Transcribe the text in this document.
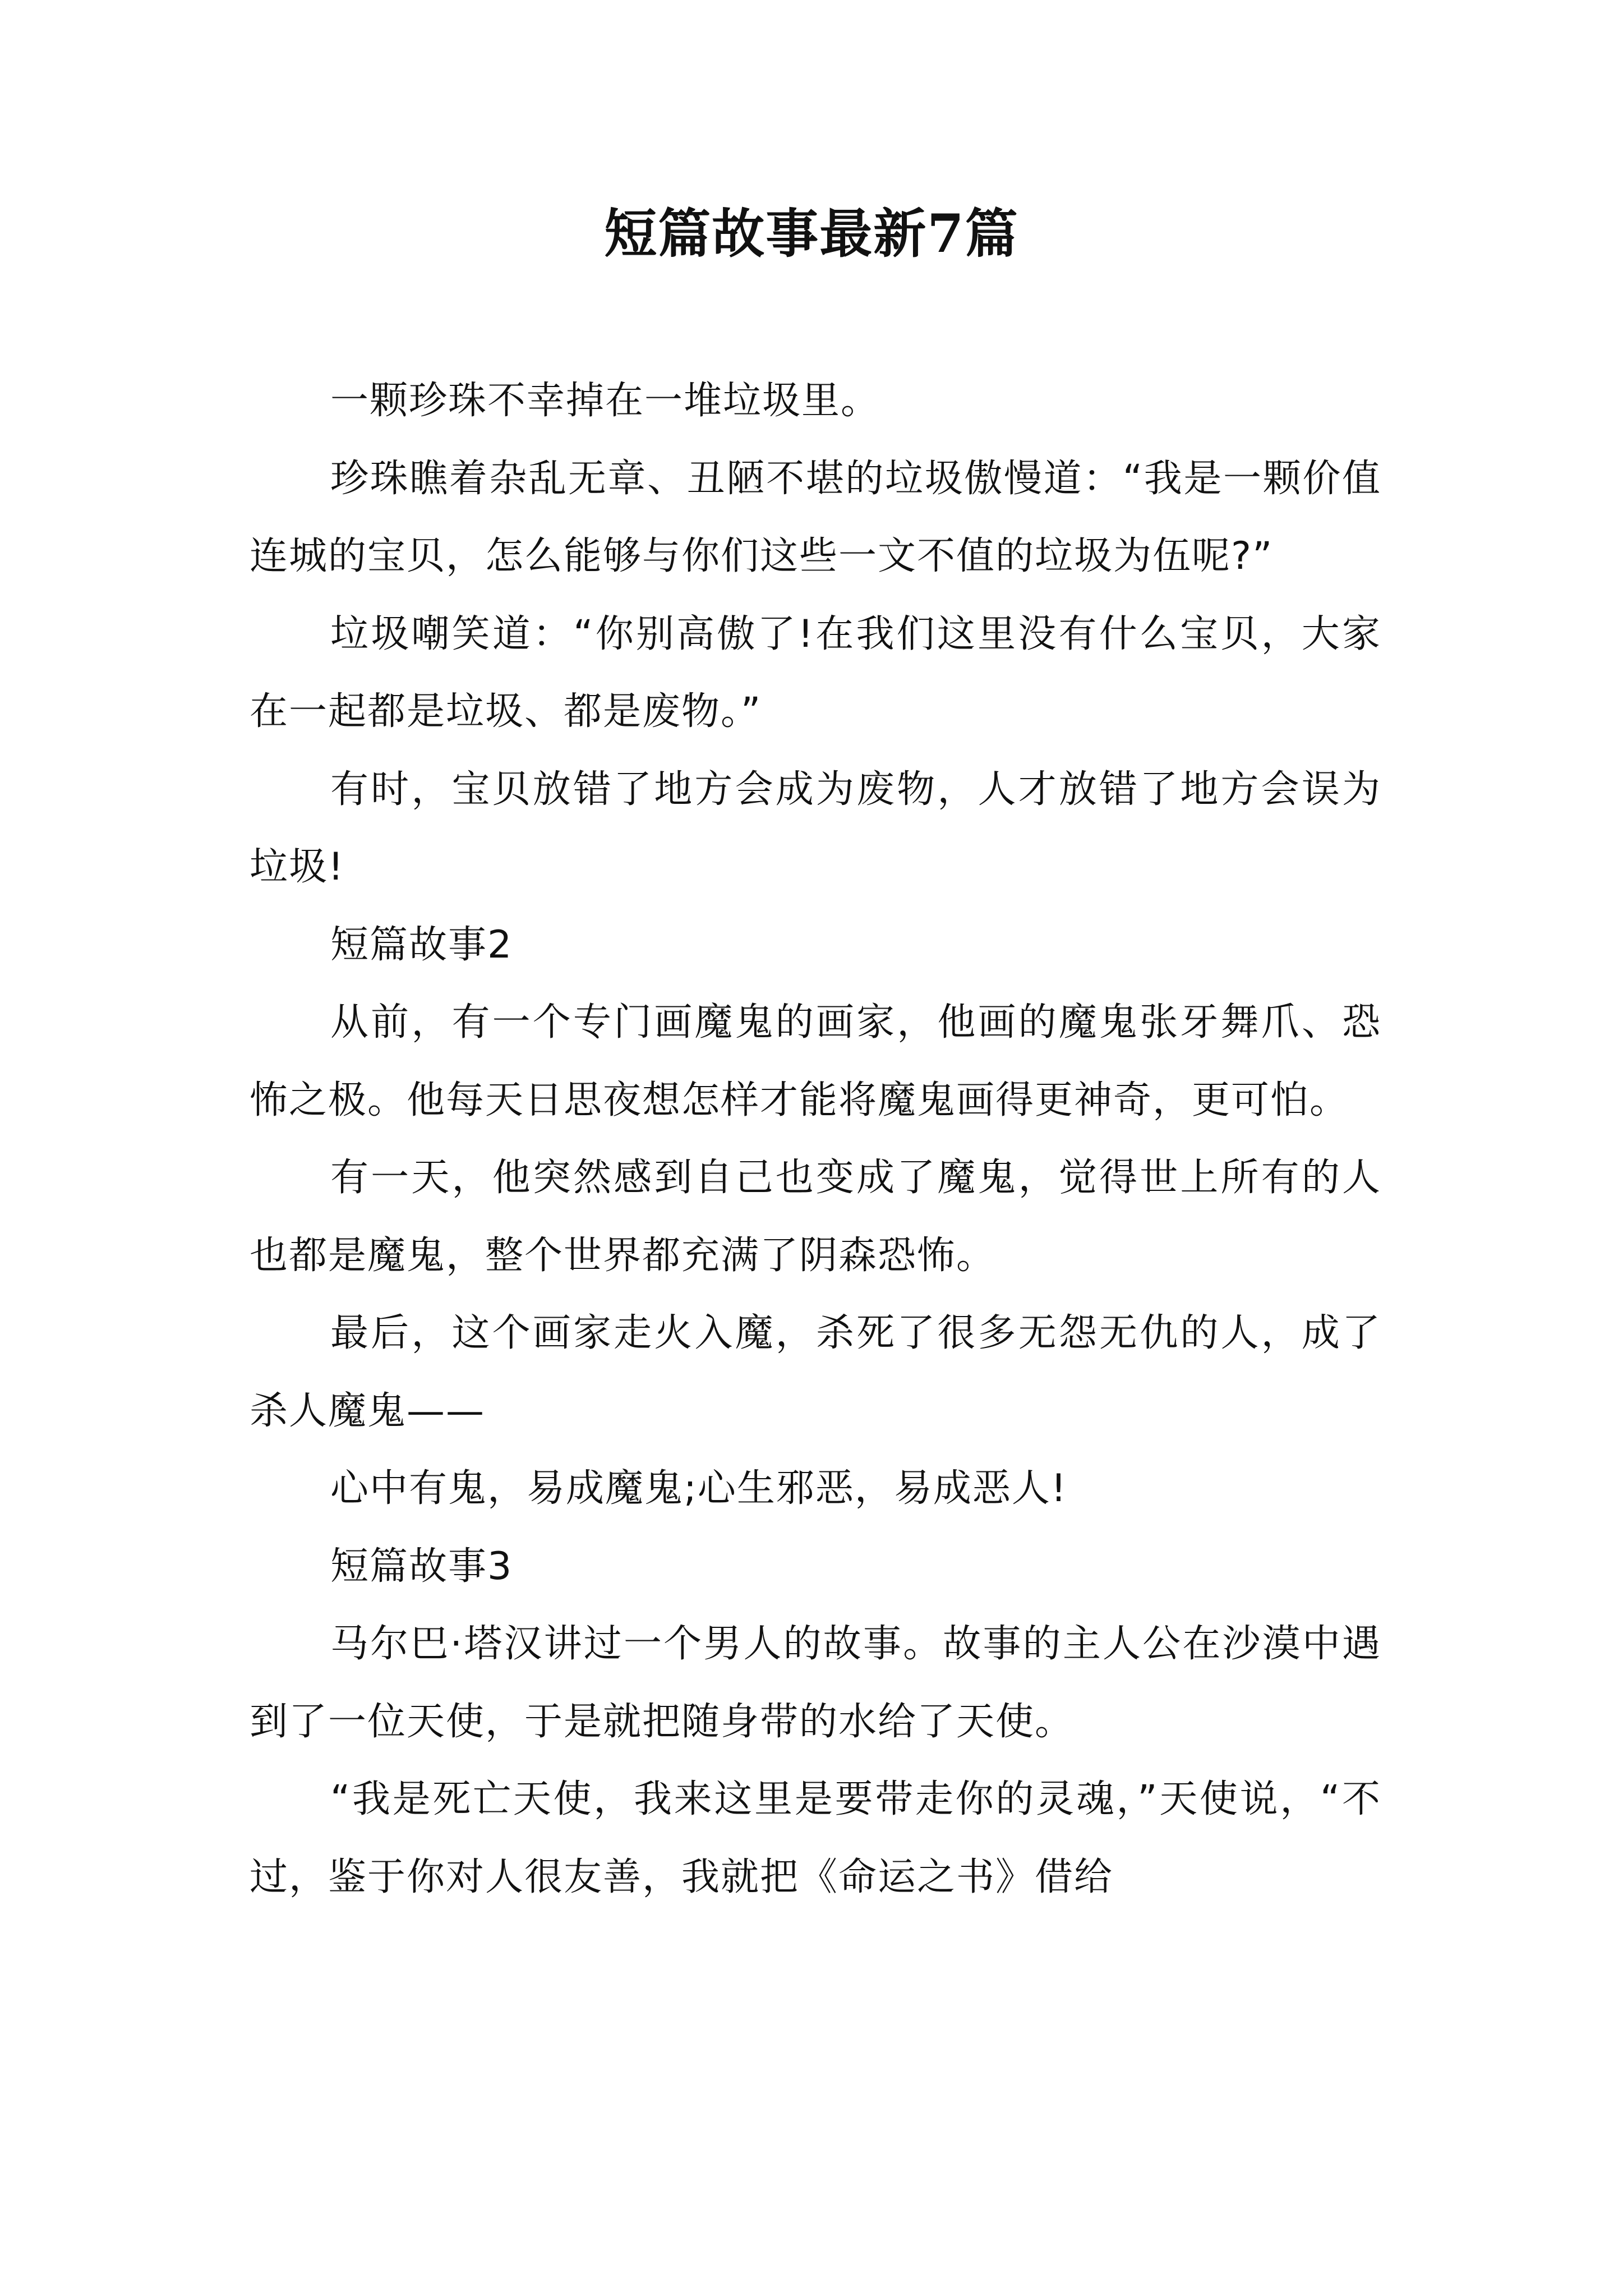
短篇故事最新7篇

一颗珍珠不幸掉在一堆垃圾里。

珍珠瞧着杂乱无章、丑陋不堪的垃圾傲慢道：“我是一颗价值连城的宝贝，怎么能够与你们这些一文不值的垃圾为伍呢?”

垃圾嘲笑道：“你别高傲了!在我们这里没有什么宝贝，大家在一起都是垃圾、都是废物。”

有时，宝贝放错了地方会成为废物，人才放错了地方会误为垃圾!

短篇故事2

从前，有一个专门画魔鬼的画家，他画的魔鬼张牙舞爪、恐怖之极。他每天日思夜想怎样才能将魔鬼画得更神奇，更可怕。

有一天，他突然感到自己也变成了魔鬼，觉得世上所有的人也都是魔鬼，整个世界都充满了阴森恐怖。

最后，这个画家走火入魔，杀死了很多无怨无仇的人，成了杀人魔鬼——

心中有鬼，易成魔鬼;心生邪恶，易成恶人!

短篇故事3

马尔巴·塔汉讲过一个男人的故事。故事的主人公在沙漠中遇到了一位天使，于是就把随身带的水给了天使。

“我是死亡天使，我来这里是要带走你的灵魂，”天使说，“不过，鉴于你对人很友善，我就把《命运之书》借给
